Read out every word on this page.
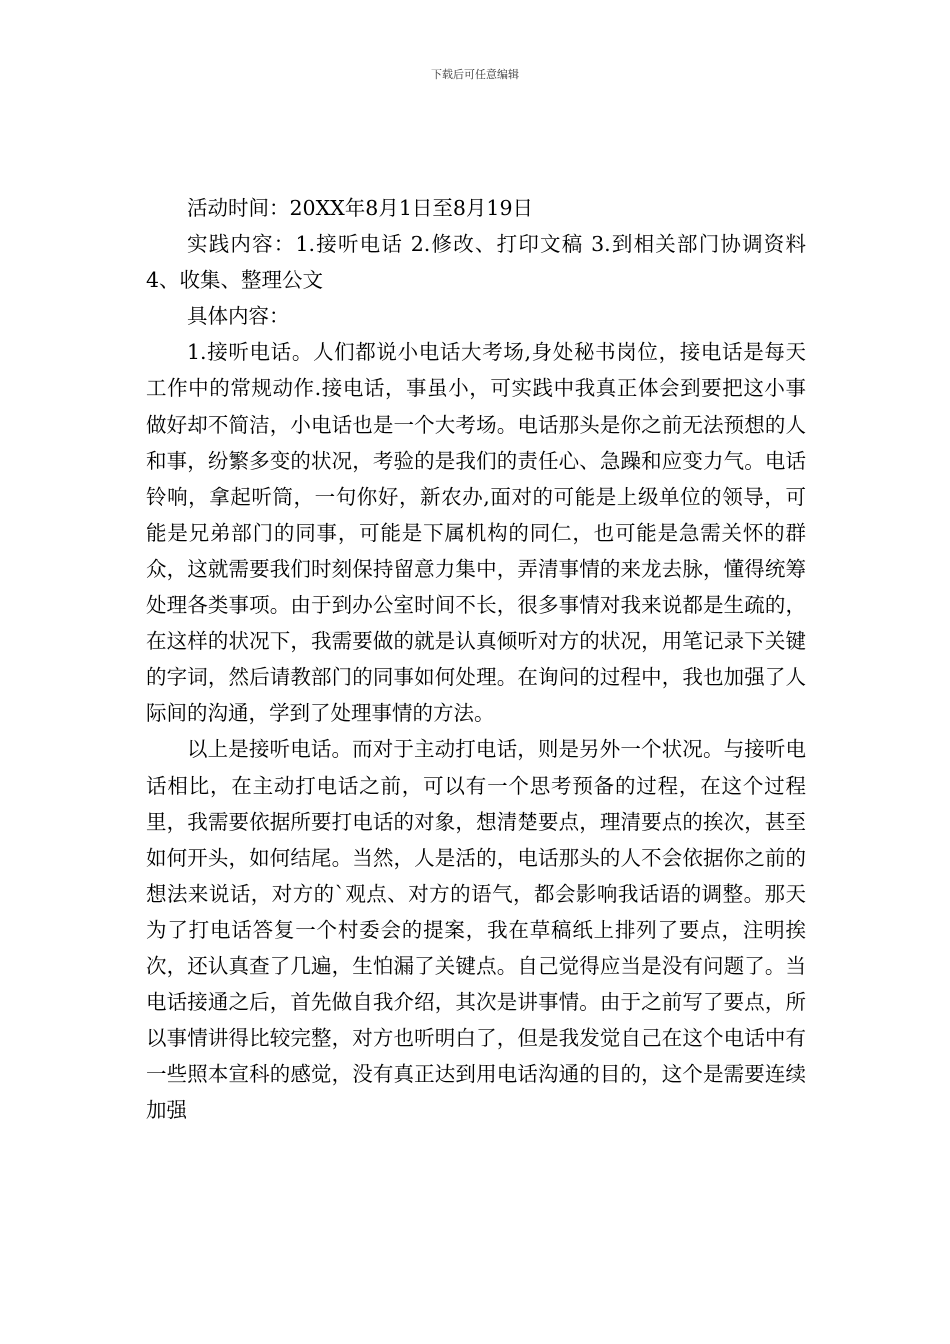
下载后可任意编辑

活动时间：20XX年8月1日至8月19日

实践内容：1.接听电话 2.修改、打印文稿 3.到相关部门协调资料 4、收集、整理公文

具体内容：

1.接听电话。人们都说小电话大考场,身处秘书岗位，接电话是每天工作中的常规动作.接电话，事虽小，可实践中我真正体会到要把这小事做好却不简洁，小电话也是一个大考场。电话那头是你之前无法预想的人和事，纷繁多变的状况，考验的是我们的责任心、急躁和应变力气。电话铃响，拿起听筒，一句你好，新农办,面对的可能是上级单位的领导，可能是兄弟部门的同事，可能是下属机构的同仁，也可能是急需关怀的群众，这就需要我们时刻保持留意力集中，弄清事情的来龙去脉，懂得统筹处理各类事项。由于到办公室时间不长，很多事情对我来说都是生疏的，在这样的状况下，我需要做的就是认真倾听对方的状况，用笔记录下关键的字词，然后请教部门的同事如何处理。在询问的过程中，我也加强了人际间的沟通，学到了处理事情的方法。

以上是接听电话。而对于主动打电话，则是另外一个状况。与接听电话相比，在主动打电话之前，可以有一个思考预备的过程，在这个过程里，我需要依据所要打电话的对象，想清楚要点，理清要点的挨次，甚至如何开头，如何结尾。当然，人是活的，电话那头的人不会依据你之前的想法来说话，对方的`观点、对方的语气，都会影响我话语的调整。那天为了打电话答复一个村委会的提案，我在草稿纸上排列了要点，注明挨次，还认真查了几遍，生怕漏了关键点。自己觉得应当是没有问题了。当电话接通之后，首先做自我介绍，其次是讲事情。由于之前写了要点，所以事情讲得比较完整，对方也听明白了，但是我发觉自己在这个电话中有一些照本宣科的感觉，没有真正达到用电话沟通的目的，这个是需要连续加强
